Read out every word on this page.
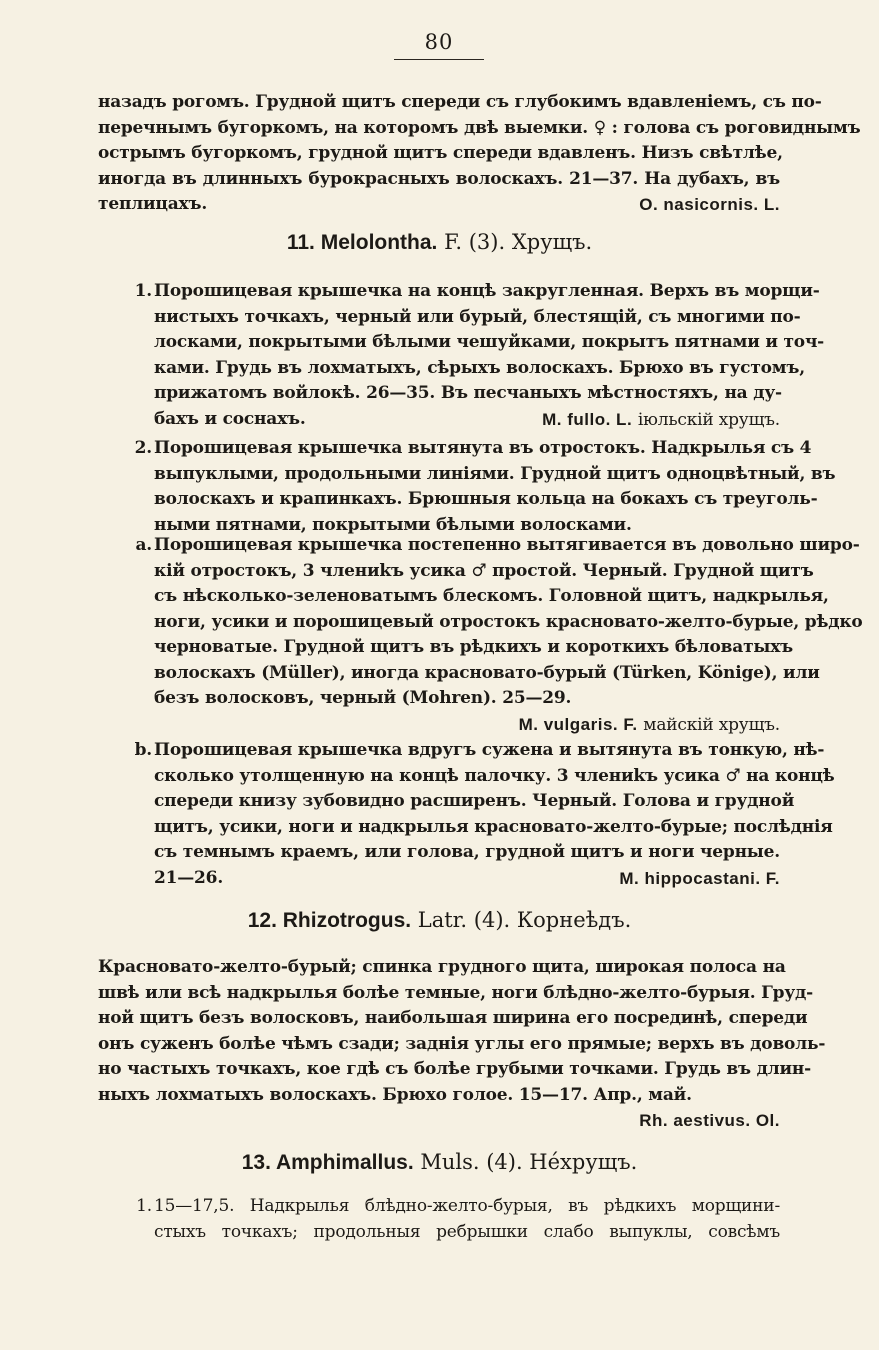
80
назадъ рогомъ. Грудной щитъ спереди съ глубокимъ вдавленіемъ, съ по-
перечнымъ бугоркомъ, на которомъ двѣ выемки. ♀ : голова съ роговиднымъ
острымъ бугоркомъ, грудной щитъ спереди вдавленъ. Низъ свѣтлѣе,
иногда въ длинныхъ бурокрасныхъ волоскахъ. 21—37. На дубахъ, въ
теплицахъ.	O. nasicornis. L.
11. Melolontha. F. (3). Хрущъ.
1. Порошицевая крышечка на концѣ закругленная. Верхъ въ морщи-
нистыхъ точкахъ, черный или бурый, блестящій, съ многими по-
лосками, покрытыми бѣлыми чешуйками, покрытъ пятнами и точ-
ками. Грудь въ лохматыхъ, сѣрыхъ волоскахъ. Брюхо въ густомъ,
прижатомъ войлокѣ. 26—35. Въ песчаныхъ мѣстностяхъ, на ду-
бахъ и соснахъ.	M. fullo. L. іюльскій хрущъ.
2. Порошицевая крышечка вытянута въ отростокъ. Надкрылья съ 4
выпуклыми, продольными линіями. Грудной щитъ одноцвѣтный, въ
волоскахъ и крапинкахъ. Брюшныя кольца на бокахъ съ треуголь-
ными пятнами, покрытыми бѣлыми волосками.
a. Порошицевая крышечка постепенно вытягивается въ довольно широ-
кій отростокъ, 3 члениkъ усика ♂ простой. Черный. Грудной щитъ
съ нѣсколько-зеленоватымъ блескомъ. Головной щитъ, надкрылья,
ноги, усики и порошицевый отростокъ красновато-желто-бурые, рѣдко
черноватые. Грудной щитъ въ рѣдкихъ и короткихъ бѣловатыхъ
волоскахъ (Müller), иногда красновато-бурый (Türken, Könige), или
безъ волосковъ, черный (Mohren). 25—29.
M. vulgaris. F. майскій хрущъ.
b. Порошицевая крышечка вдругъ сужена и вытянута въ тонкую, нѣ-
сколько утолщенную на концѣ палочку. 3 члениkъ усика ♂ на концѣ
спереди книзу зубовидно расширенъ. Черный. Голова и грудной
щитъ, усики, ноги и надкрылья красновато-желто-бурые; послѣднія
съ темнымъ краемъ, или голова, грудной щитъ и ноги черные.
21—26.	M. hippocastani. F.
12. Rhizotrogus. Latr. (4). Корнеѣдъ.
Красновато-желто-бурый; спинка грудного щита, широкая полоса на
швѣ или всѣ надкрылья болѣе темные, ноги блѣдно-желто-бурыя. Груд-
ной щитъ безъ волосковъ, наибольшая ширина его посрединѣ, спереди
онъ суженъ болѣе чѣмъ сзади; заднія углы его прямые; верхъ въ доволь-
но частыхъ точкахъ, кое гдѣ съ болѣе грубыми точками. Грудь въ длин-
ныхъ лохматыхъ волоскахъ. Брюхо голое. 15—17. Апр., май.
Rh. aestivus. Ol.
13. Amphimallus. Muls. (4). Не́хрущъ.
1. 15—17,5. Надкрылья блѣдно-желто-бурыя, въ рѣдкихъ морщини-
стыхъ точкахъ; продольныя ребрышки слабо выпуклы, совсѣмъ
